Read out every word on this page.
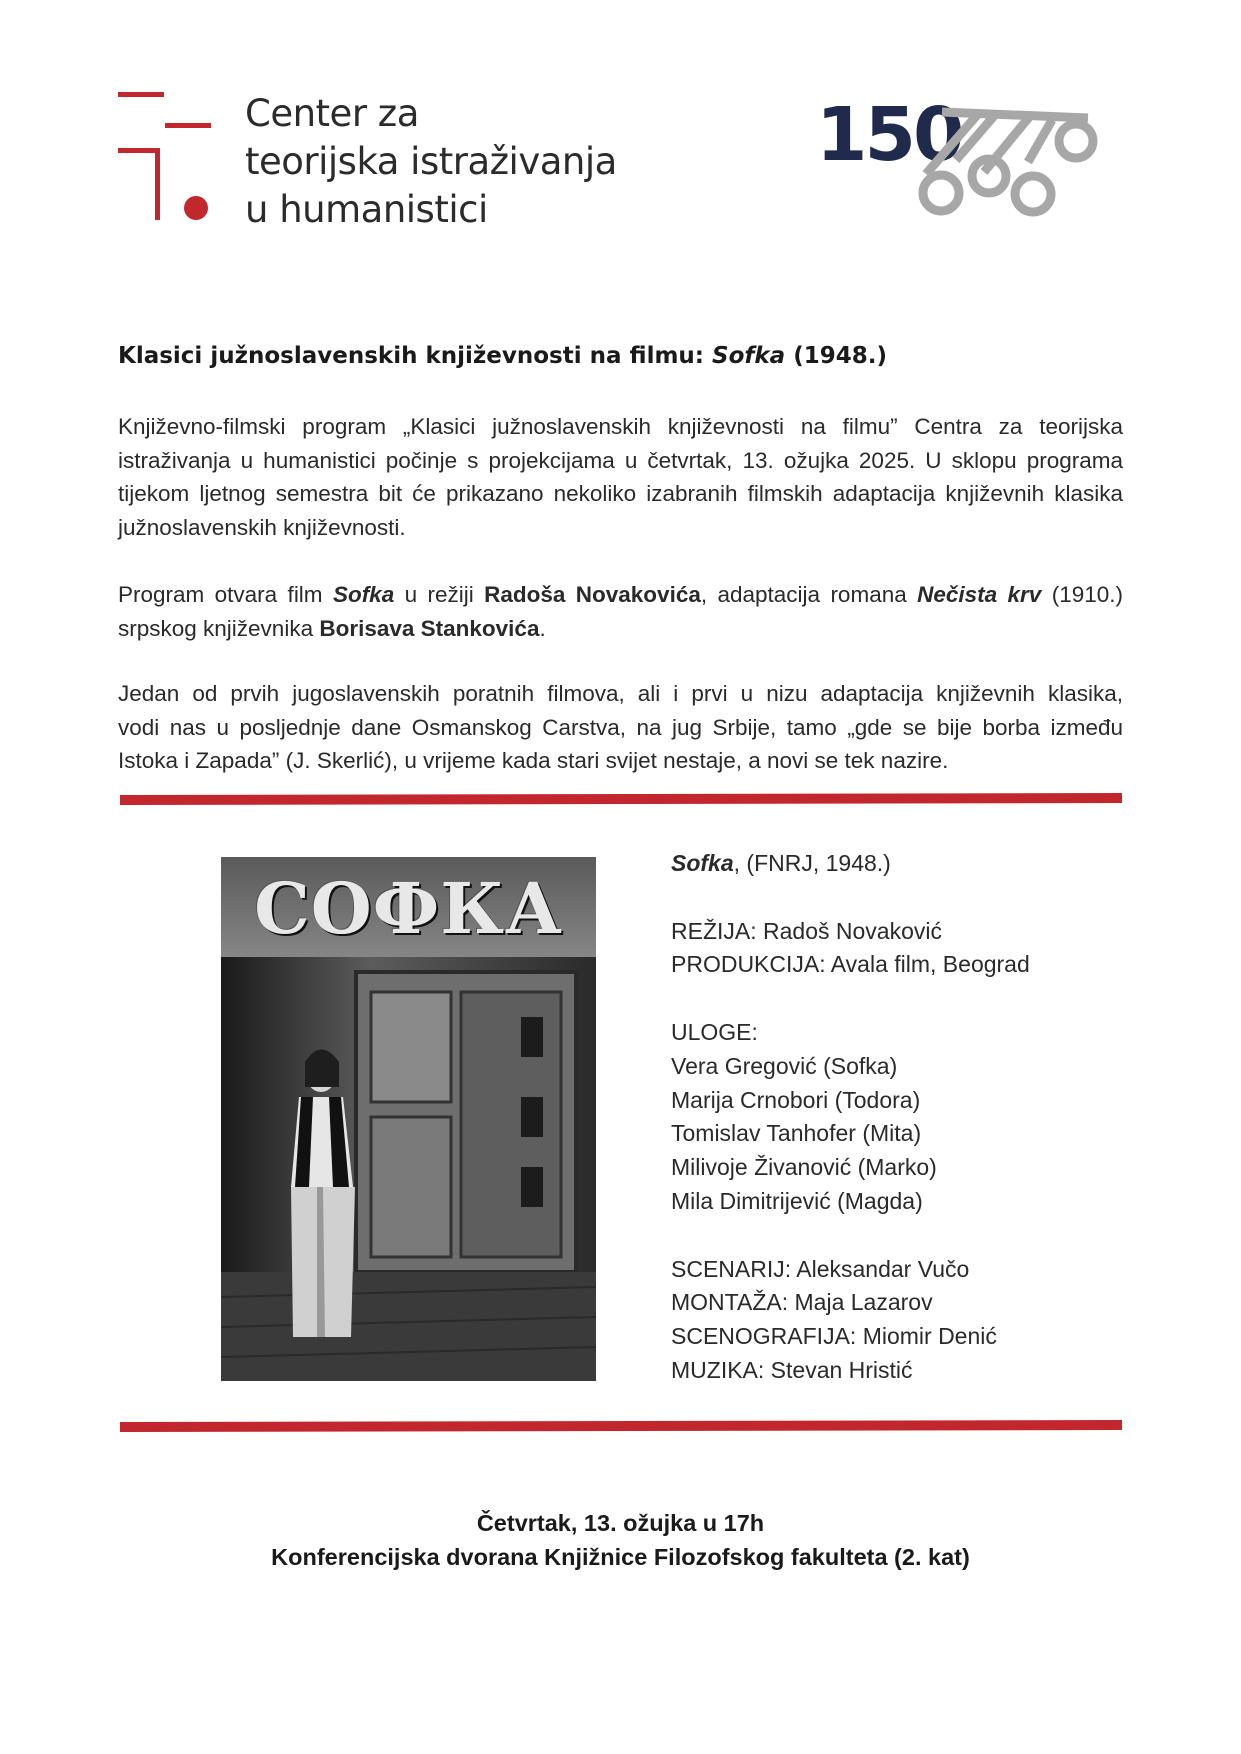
Center za
teorijska istraživanja
u humanistici
150
Klasici južnoslavenskih književnosti na filmu: Sofka (1948.)
Književno-filmski program „Klasici južnoslavenskih književnosti na filmu” Centra za teorijska istraživanja u humanistici počinje s projekcijama u četvrtak, 13. ožujka 2025. U sklopu programa tijekom ljetnog semestra bit će prikazano nekoliko izabranih filmskih adaptacija književnih klasika južnoslavenskih književnosti.
Program otvara film Sofka u režiji Radoša Novakovića, adaptacija romana Nečista krv (1910.)
srpskog književnika Borisava Stankovića.
Jedan od prvih jugoslavenskih poratnih filmova, ali i prvi u nizu adaptacija književnih klasika,
vodi nas u posljednje dane Osmanskog Carstva, na jug Srbije, tamo „gde se bije borba između
Istoka i Zapada” (J. Skerlić), u vrijeme kada stari svijet nestaje, a novi se tek nazire.
СОФКА
Sofka, (FNRJ, 1948.)
REŽIJA: Radoš Novaković
PRODUKCIJA: Avala film, Beograd
ULOGE:
Vera Gregović (Sofka)
Marija Crnobori (Todora)
Tomislav Tanhofer (Mita)
Milivoje Živanović (Marko)
Mila Dimitrijević (Magda)
SCENARIJ: Aleksandar Vučo
MONTAŽA: Maja Lazarov
SCENOGRAFIJA: Miomir Denić
MUZIKA: Stevan Hristić
Četvrtak, 13. ožujka u 17h
Konferencijska dvorana Knjižnice Filozofskog fakulteta (2. kat)
